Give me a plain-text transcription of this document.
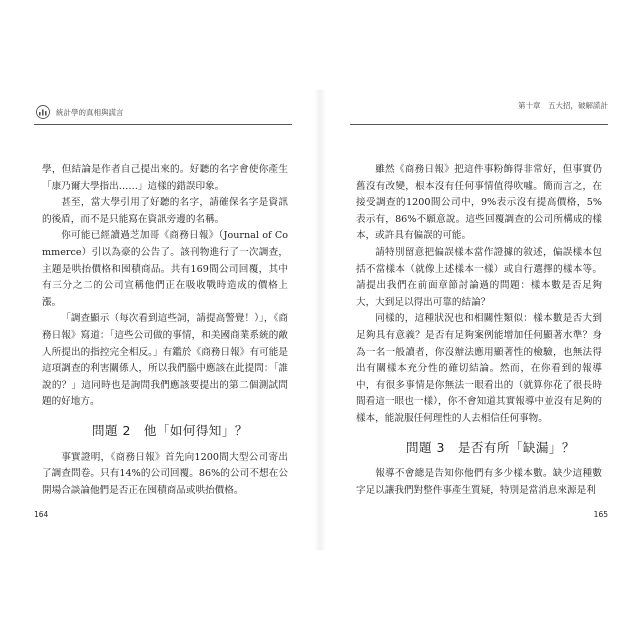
統計學的真相與謊言

學，但結論是作者自己提出來的。好聽的名字會使你產生「康乃爾大學指出……」這樣的錯誤印象。

甚至，當大學引用了好聽的名字，請確保名字是資訊的後盾，而不是只能寫在資訊旁邊的名稱。

你可能已經讀過芝加哥《商務日報》（Journal of Commerce）引以為豪的公告了。該刊物進行了一次調查，主題是哄抬價格和囤積商品。共有169間公司回覆，其中有三分之二的公司宣稱他們正在吸收戰時造成的價格上漲。

「調查顯示（每次看到這些詞，請提高警覺！）」，《商務日報》寫道：「這些公司做的事情，和美國商業系統的敵人所提出的指控完全相反。」有鑑於《商務日報》有可能是這項調查的利害關係人，所以我們腦中應該在此提問：「誰說的？」這同時也是詢問我們應該要提出的第二個測試問題的好地方。

問題 2　他「如何得知」？

事實證明，《商務日報》首先向1200間大型公司寄出了調查問卷。只有14%的公司回覆。86%的公司不想在公開場合談論他們是否正在囤積商品或哄抬價格。

164
第十章　五大招，破解謊計

雖然《商務日報》把這件事粉飾得非常好，但事實仍舊沒有改變，根本沒有任何事情值得吹噓。簡而言之，在接受調查的1200間公司中，9%表示沒有提高價格，5%表示有，86%不願意說。這些回覆調查的公司所構成的樣本，或許具有偏誤的可能。

請特別留意把偏誤樣本當作證據的敘述，偏誤樣本包括不當樣本（就像上述樣本一樣）或自行選擇的樣本等。請提出我們在前面章節討論過的問題：樣本數是否足夠大，大到足以得出可靠的結論？

同樣的，這種狀況也和相關性類似：樣本數是否大到足夠具有意義？是否有足夠案例能增加任何顯著水準？身為一名一般讀者，你沒辦法應用顯著性的檢驗，也無法得出有關樣本充分性的確切結論。然而，在你看到的報導中，有很多事情是你無法一眼看出的（就算你花了很長時間看這一眼也一樣），你不會知道其實報導中並沒有足夠的樣本，能說服任何理性的人去相信任何事物。

問題 3　是否有所「缺漏」？

報導不會總是告知你他們有多少樣本數。缺少這種數字足以讓我們對整件事產生質疑，特別是當消息來源是利

165
